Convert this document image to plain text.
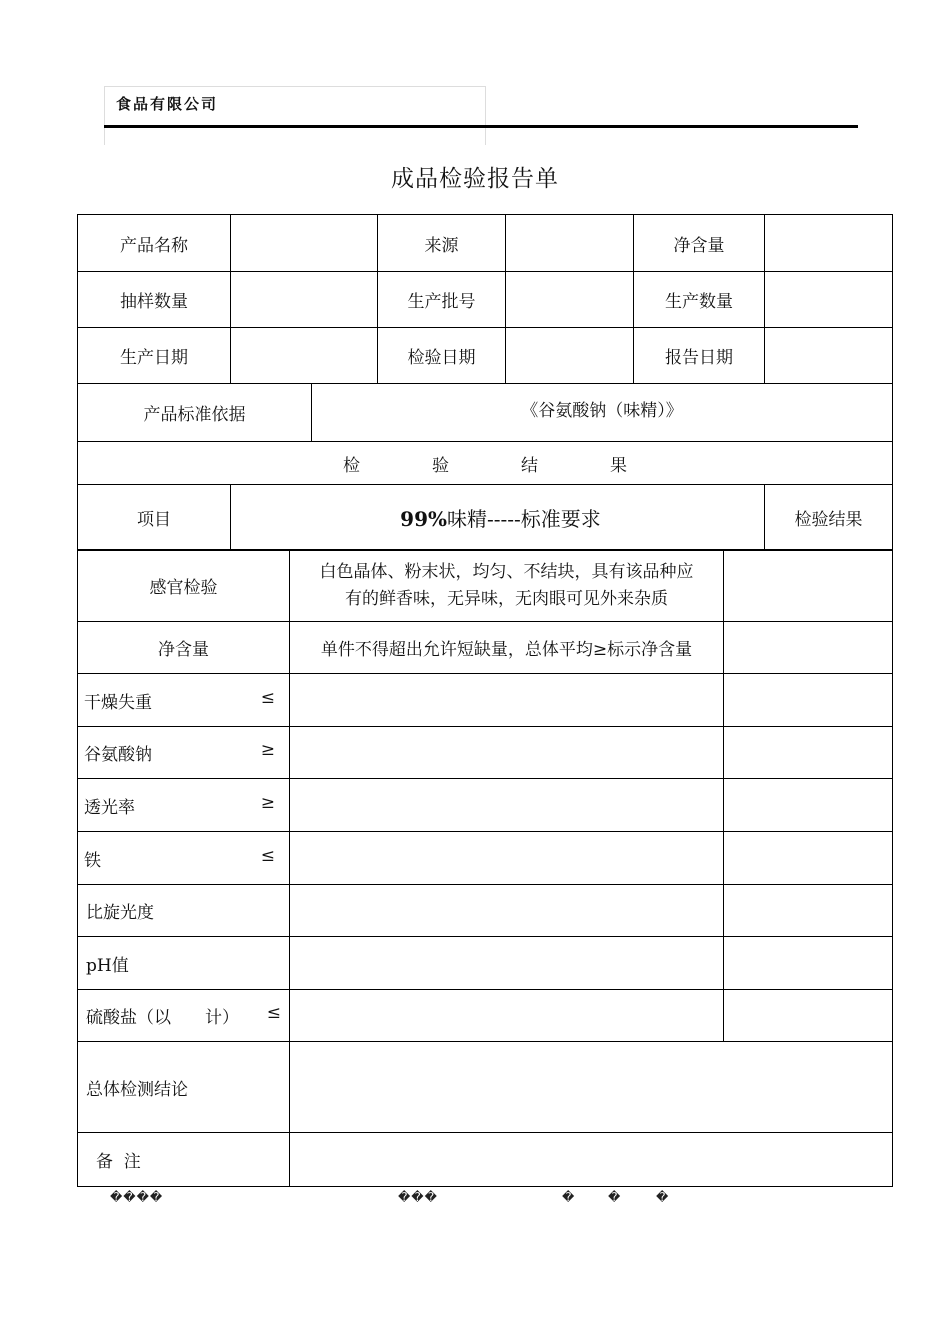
食品有限公司
成品检验报告单
产品名称			来源		净含量	
抽样数量			生产批号		生产数量	
生产日期			检验日期		报告日期	
产品标准依据		《谷氨酸钠（味精）》				
检 验 结 果						
项目	99%味精-----标准要求					检验结果
感官检验	白色晶体、粉末状，均匀、不结块，具有该品种应
有的鲜香味，无异味，无肉眼可见外来杂质	
净含量	单件不得超出允许短缺量，总体平均≥标示净含量	
干燥失重 ≤		

谷氨酸钠 ≥		

透光率 ≥		

铁 ≤		

比旋光度		
pH值		
硫酸盐（以　　计） ≤		

总体检测结论		
备  注		
����	���	�	�	�
